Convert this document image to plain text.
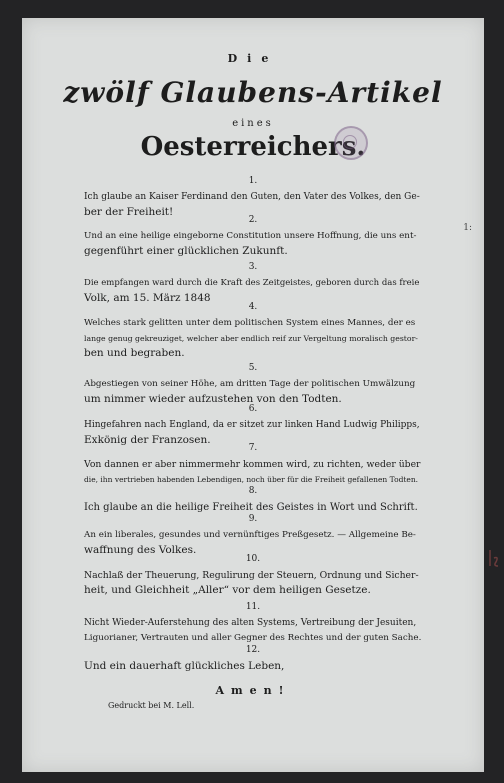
Die
zwölf Glaubens-Artikel
eines
Oesterreichers.
1.
Ich glaube an Kaiser Ferdinand den Guten, den Vater des Volkes, den Ge-
ber der Freiheit!
2.
Und an eine heilige eingeborne Constitution unsere Hoffnung, die uns ent-
gegenführt einer glücklichen Zukunft.
3.
Die empfangen ward durch die Kraft des Zeitgeistes, geboren durch das freie
Volk, am 15. März 1848
4.
Welches stark gelitten unter dem politischen System eines Mannes, der es
lange genug gekreuziget, welcher aber endlich reif zur Vergeltung moralisch gestor-
ben und begraben.
5.
Abgestiegen von seiner Höhe, am dritten Tage der politischen Umwälzung
um nimmer wieder aufzustehen von den Todten.
6.
Hingefahren nach England, da er sitzet zur linken Hand Ludwig Philipps,
Exkönig der Franzosen.
7.
Von dannen er aber nimmermehr kommen wird, zu richten, weder über
die, ihn vertrieben habenden Lebendigen, noch über für die Freiheit gefallenen Todten.
8.
Ich glaube an die heilige Freiheit des Geistes in Wort und Schrift.
9.
An ein liberales, gesundes und vernünftiges Preßgesetz. — Allgemeine Be-
waffnung des Volkes.
10.
Nachlaß der Theuerung, Regulirung der Steuern, Ordnung und Sicher-
heit, und Gleichheit „Aller“ vor dem heiligen Gesetze.
11.
Nicht Wieder-Auferstehung des alten Systems, Vertreibung der Jesuiten,
Liguorianer, Vertrauten und aller Gegner des Rechtes und der guten Sache.
12.
Und ein dauerhaft glückliches Leben,
Amen!
Gedruckt bei M. Lell.
1:
